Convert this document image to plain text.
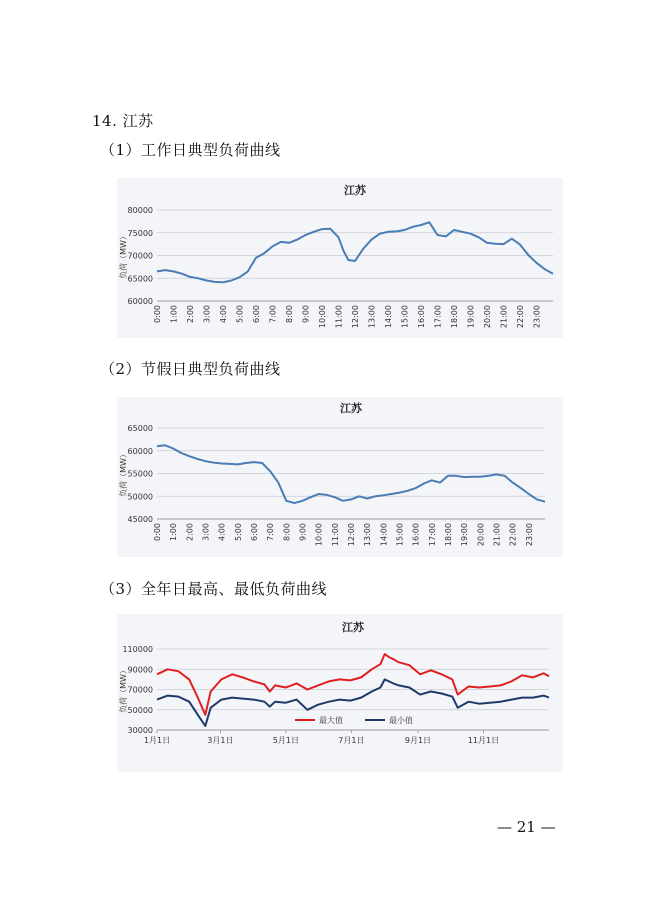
14. 江苏
（1）工作日典型负荷曲线
（2）节假日典型负荷曲线
（3）全年日最高、最低负荷曲线
江苏
60000
65000
70000
75000
80000
负荷（MW）
0:00 1:00 2:00 3:00 4:00 5:00 6:00 7:00 8:00 9:00 10:00 11:00 12:00 13:00 14:00 15:00 16:00 17:00 18:00 19:00 20:00 21:00 22:00 23:00
江苏
45000
50000
55000
60000
65000
负荷（MW）
0:00 1:00 2:00 3:00 4:00 5:00 6:00 7:00 8:00 9:00 10:00 11:00 12:00 13:00 14:00 15:00 16:00 17:00 18:00 19:00 20:00 21:00 22:00 23:00
江苏
30000
50000
70000
90000
110000
负荷（MW）
1月1日	3月1日	5月1日	7月1日	9月1日	11月1日
最大值	最小值
— 21 —
